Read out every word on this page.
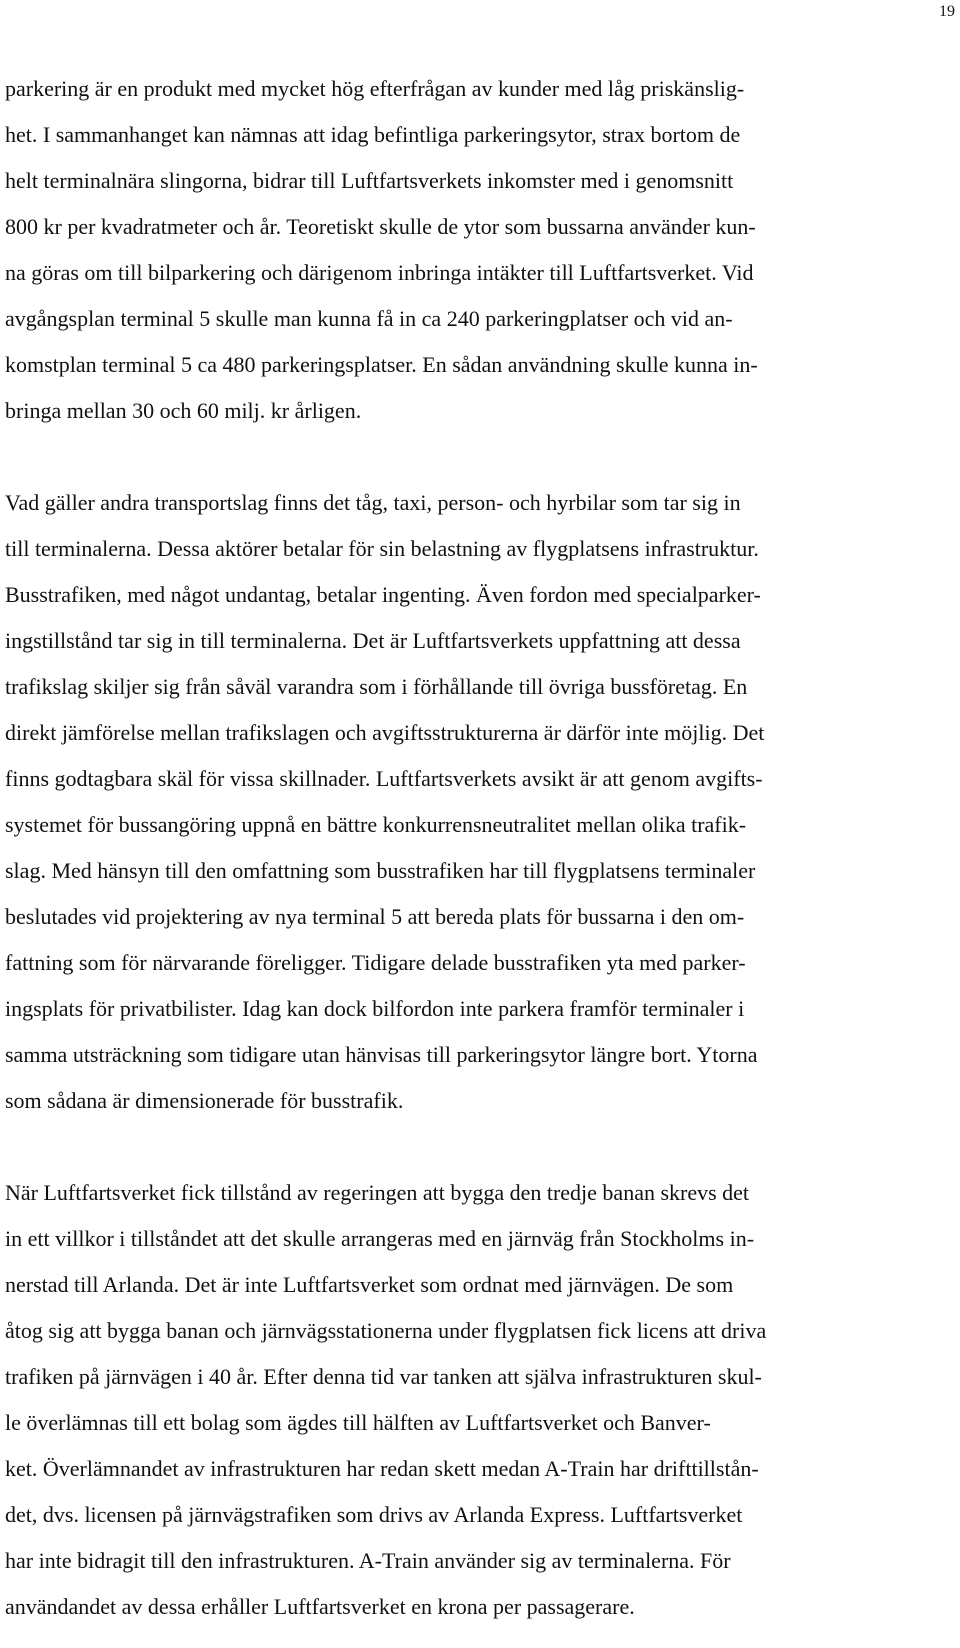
19
parkering är en produkt med mycket hög efterfrågan av kunder med låg priskänslig-
het. I sammanhanget kan nämnas att idag befintliga parkeringsytor, strax bortom de
helt terminalnära slingorna, bidrar till Luftfartsverkets inkomster med i genomsnitt
800 kr per kvadratmeter och år. Teoretiskt skulle de ytor som bussarna använder kun-
na göras om till bilparkering och därigenom inbringa intäkter till Luftfartsverket. Vid
avgångsplan terminal 5 skulle man kunna få in ca 240 parkeringplatser och vid an-
komstplan terminal 5 ca 480 parkeringsplatser. En sådan användning skulle kunna in-
bringa mellan 30 och 60 milj. kr årligen.
Vad gäller andra transportslag finns det tåg, taxi, person- och hyrbilar som tar sig in
till terminalerna. Dessa aktörer betalar för sin belastning av flygplatsens infrastruktur.
Busstrafiken, med något undantag, betalar ingenting. Även fordon med specialparker-
ingstillstånd tar sig in till terminalerna. Det är Luftfartsverkets uppfattning att dessa
trafikslag skiljer sig från såväl varandra som i förhållande till övriga bussföretag. En
direkt jämförelse mellan trafikslagen och avgiftsstrukturerna är därför inte möjlig. Det
finns godtagbara skäl för vissa skillnader. Luftfartsverkets avsikt är att genom avgifts-
systemet för bussangöring uppnå en bättre konkurrensneutralitet mellan olika trafik-
slag. Med hänsyn till den omfattning som busstrafiken har till flygplatsens terminaler
beslutades vid projektering av nya terminal 5 att bereda plats för bussarna i den om-
fattning som för närvarande föreligger. Tidigare delade busstrafiken yta med parker-
ingsplats för privatbilister. Idag kan dock bilfordon inte parkera framför terminaler i
samma utsträckning som tidigare utan hänvisas till parkeringsytor längre bort. Ytorna
som sådana är dimensionerade för busstrafik.
När Luftfartsverket fick tillstånd av regeringen att bygga den tredje banan skrevs det
in ett villkor i tillståndet att det skulle arrangeras med en järnväg från Stockholms in-
nerstad till Arlanda. Det är inte Luftfartsverket som ordnat med järnvägen. De som
åtog sig att bygga banan och järnvägsstationerna under flygplatsen fick licens att driva
trafiken på järnvägen i 40 år. Efter denna tid var tanken att själva infrastrukturen skul-
le överlämnas till ett bolag som ägdes till hälften av Luftfartsverket och Banver-
ket. Överlämnandet av infrastrukturen har redan skett medan A-Train har drifttillstån-
det, dvs. licensen på järnvägstrafiken som drivs av Arlanda Express. Luftfartsverket
har inte bidragit till den infrastrukturen. A-Train använder sig av terminalerna. För
användandet av dessa erhåller Luftfartsverket en krona per passagerare.
